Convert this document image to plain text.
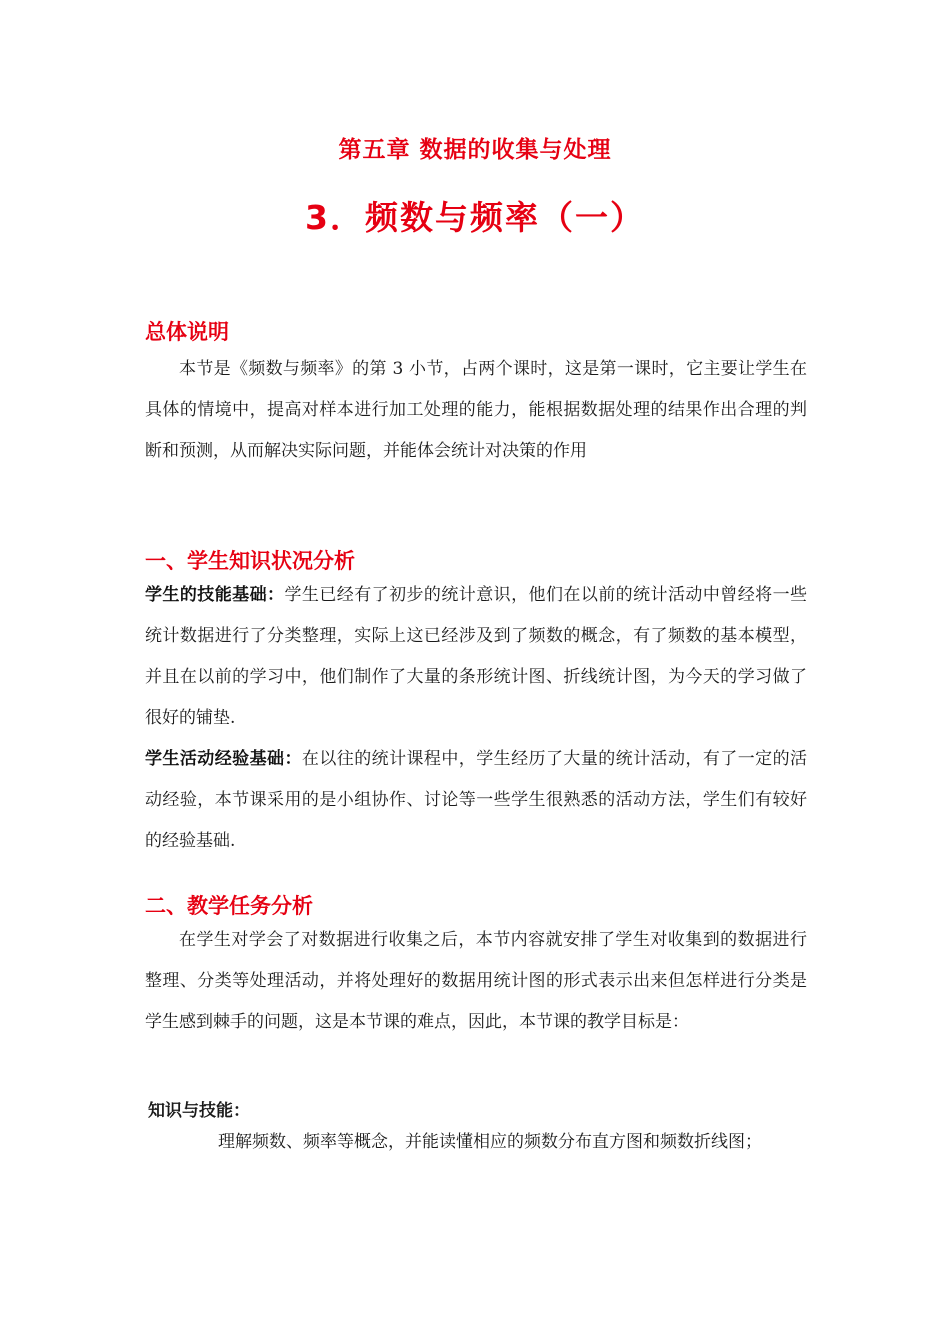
第五章 数据的收集与处理
3．频数与频率（一）
总体说明

本节是《频数与频率》的第 3 小节，占两个课时，这是第一课时，它主要让学生在具体的情境中，提高对样本进行加工处理的能力，能根据数据处理的结果作出合理的判断和预测，从而解决实际问题，并能体会统计对决策的作用

一、学生知识状况分析

学生的技能基础：学生已经有了初步的统计意识，他们在以前的统计活动中曾经将一些统计数据进行了分类整理，实际上这已经涉及到了频数的概念，有了频数的基本模型，并且在以前的学习中，他们制作了大量的条形统计图、折线统计图，为今天的学习做了很好的铺垫.

学生活动经验基础：在以往的统计课程中，学生经历了大量的统计活动，有了一定的活动经验，本节课采用的是小组协作、讨论等一些学生很熟悉的活动方法，学生们有较好的经验基础.

二、教学任务分析

在学生对学会了对数据进行收集之后，本节内容就安排了学生对收集到的数据进行整理、分类等处理活动，并将处理好的数据用统计图的形式表示出来但怎样进行分类是学生感到棘手的问题，这是本节课的难点，因此，本节课的教学目标是：

知识与技能：

理解频数、频率等概念，并能读懂相应的频数分布直方图和频数折线图；
